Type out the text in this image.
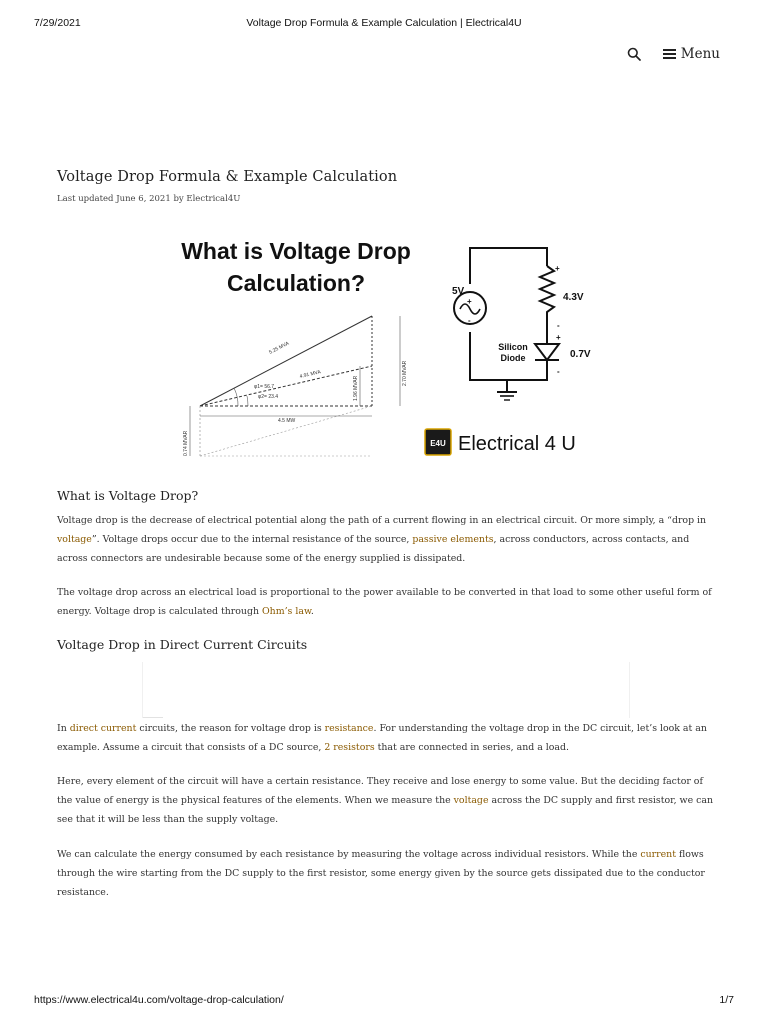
7/29/2021	Voltage Drop Formula & Example Calculation | Electrical4U
Menu
Voltage Drop Formula & Example Calculation
Last updated June 6, 2021 by Electrical4U
What is Voltage Drop
Calculation?
5.25 MVA
4.91 MVA
φ1= 56.7
φ2= 23.4
4.5 MW
1.96 MVAR
2.70 MVAR
0.74 MVAR
5V
+
-
+
4.3V
-
+
0.7V
-
Silicon
Diode
E4U Electrical 4 U
What is Voltage Drop?

Voltage drop is the decrease of electrical potential along the path of a current flowing in an electrical circuit. Or more simply, a “drop in voltage”. Voltage drops occur due to the internal resistance of the source, passive elements, across conductors, across contacts, and across connectors are undesirable because some of the energy supplied is dissipated.

The voltage drop across an electrical load is proportional to the power available to be converted in that load to some other useful form of energy. Voltage drop is calculated through Ohm’s law.

Voltage Drop in Direct Current Circuits

In direct current circuits, the reason for voltage drop is resistance. For understanding the voltage drop in the DC circuit, let’s look at an example. Assume a circuit that consists of a DC source, 2 resistors that are connected in series, and a load.

Here, every element of the circuit will have a certain resistance. They receive and lose energy to some value. But the deciding factor of the value of energy is the physical features of the elements. When we measure the voltage across the DC supply and first resistor, we can see that it will be less than the supply voltage.

We can calculate the energy consumed by each resistance by measuring the voltage across individual resistors. While the current flows through the wire starting from the DC supply to the first resistor, some energy given by the source gets dissipated due to the conductor resistance.

https://www.electrical4u.com/voltage-drop-calculation/	1/7
